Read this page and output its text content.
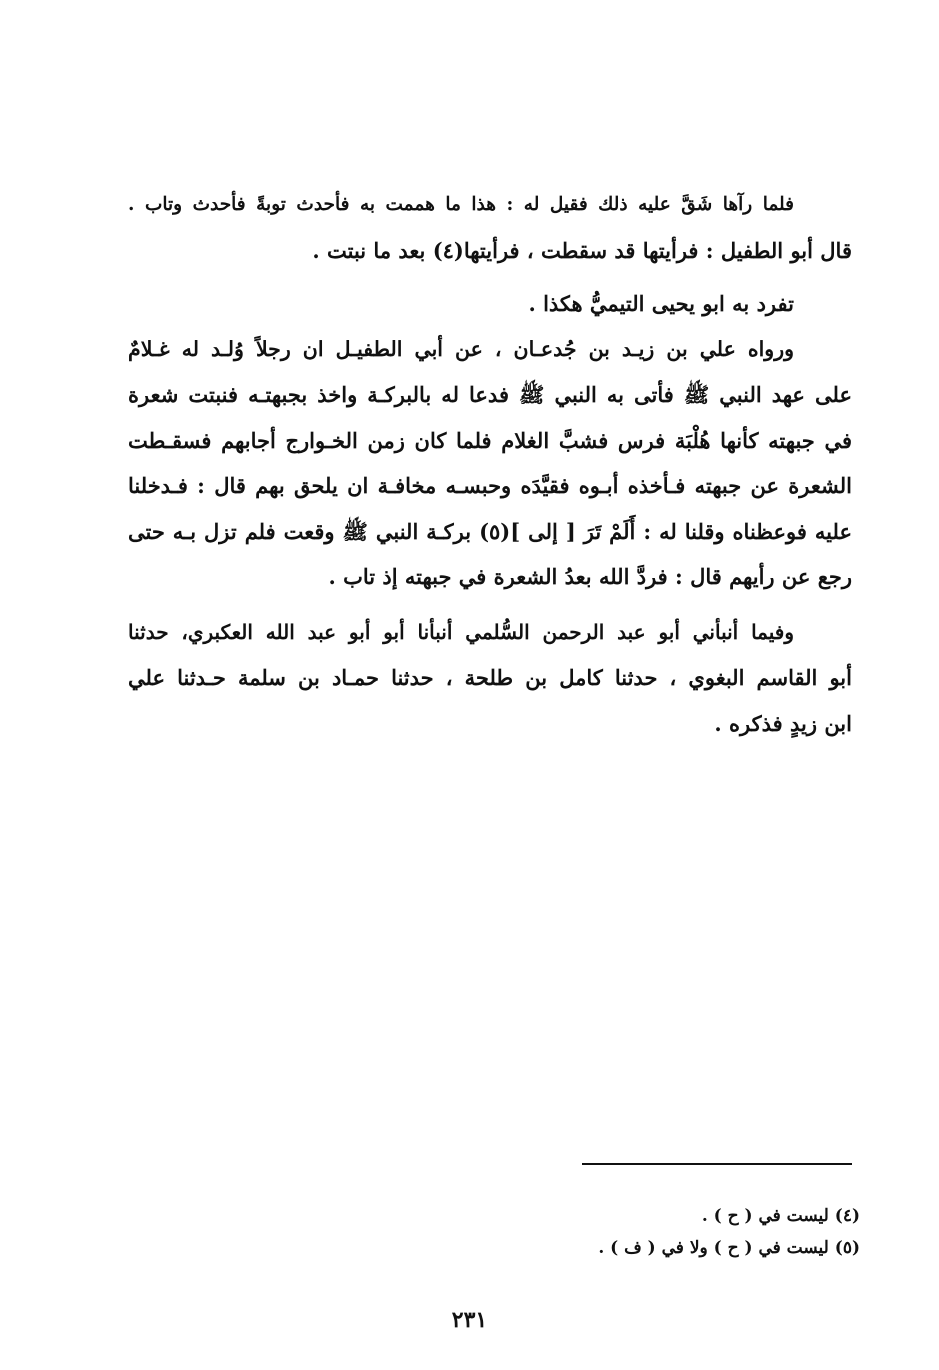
فلما رآها شَقَّ عليه ذلك فقيل له : هذا ما هممت به فأحدث توبةً فأحدث وتاب .
قال أبو الطفيل : فرأيتها قد سقطت ، فرأيتها(٤) بعد ما نبتت .

تفرد به ابو يحيى التيميُّ هكذا .

ورواه علي بن زيـد بن جُدعـان ، عن أبي الطفيـل ان رجلاً وُلـد له غـلامٌ
على عهد النبي ﷺ فأتى به النبي ﷺ فدعا له بالبركـة واخذ بجبهتـه فنبتت شعرة
في جبهته كأنها هُلْبَة فرس فشبَّ الغلام فلما كان زمن الخـوارج أجابهم فسقـطت
الشعرة عن جبهته فـأخذه أبـوه فقيَّدَه وحبسـه مخافـة ان يلحق بهم قال : فـدخلنا
عليه فوعظناه وقلنا له : أَلَمْ تَرَ [ إلى ](٥) بركـة النبي ﷺ وقعت فلم تزل بـه حتى
رجع عن رأيهم قال : فردَّ الله بعدُ الشعرة في جبهته إذ تاب .

وفيما أنبأني أبو عبد الرحمن السُّلمي أنبأنا أبو أبو عبد الله العكبري، حدثنا
أبو القاسم البغوي ، حدثنا كامل بن طلحة ، حدثنا حمـاد بن سلمة حـدثنا علي
ابن زيدٍ فذكره .

(٤) ليست في ( ح ) .
(٥) ليست في ( ح ) ولا في ( ف ) .
٢٣١
